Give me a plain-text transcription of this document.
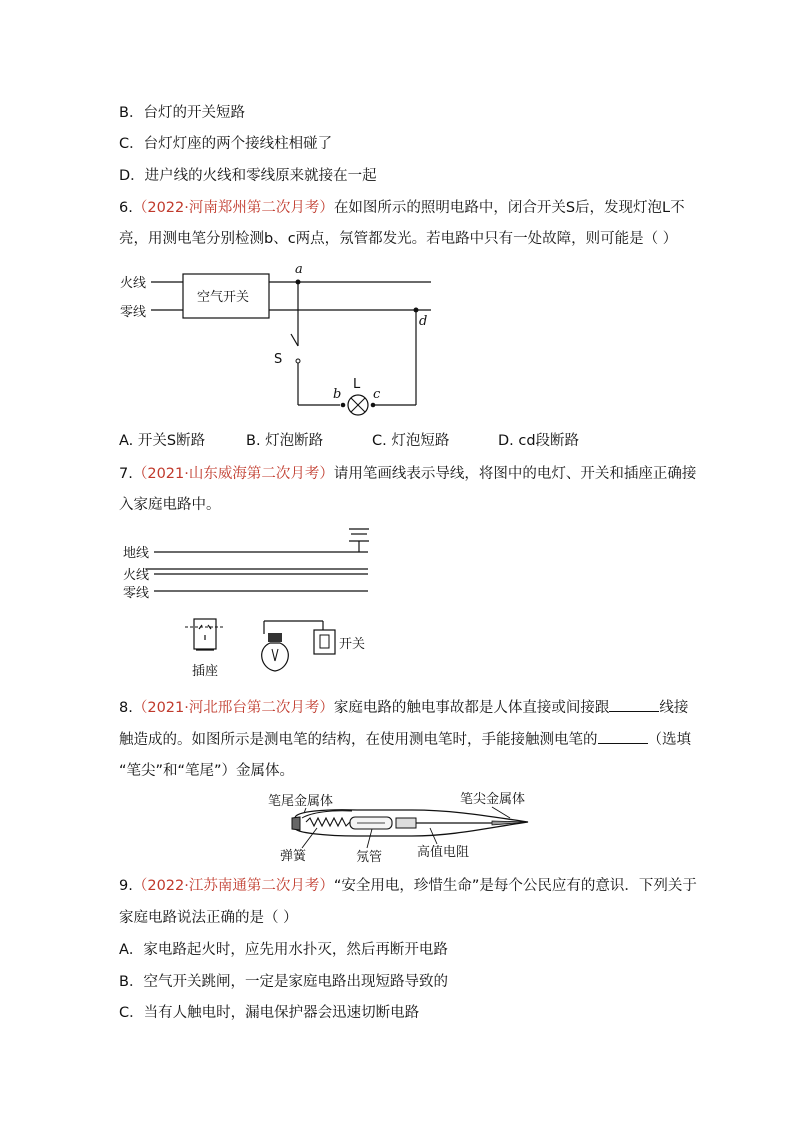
B．台灯的开关短路
C．台灯灯座的两个接线柱相碰了
D．进户线的火线和零线原来就接在一起
6.（2022·河南郑州第二次月考）在如图所示的照明电路中，闭合开关S后，发现灯泡L不
亮，用测电笔分别检测b、c两点，氖管都发光。若电路中只有一处故障，则可能是（ ）
火线
零线
空气开关
a
d
S
b
L
c
A. 开关S断路	B. 灯泡断路	C. 灯泡短路	D. cd段断路
7.（2021·山东威海第二次月考）请用笔画线表示导线，将图中的电灯、开关和插座正确接
入家庭电路中。
地线
火线
零线
插座
开关
8.（2021·河北邢台第二次月考）家庭电路的触电事故都是人体直接或间接跟	线接
触造成的。如图所示是测电笔的结构，在使用测电笔时，手能接触测电笔的	（选填
“笔尖”和“笔尾”）金属体。
笔尾金属体	笔尖金属体
弹簧	氖管	高值电阻
9.（2022·江苏南通第二次月考）“安全用电，珍惜生命”是每个公民应有的意识．下列关于
家庭电路说法正确的是（ ）
A．家电路起火时，应先用水扑灭，然后再断开电路
B．空气开关跳闸，一定是家庭电路出现短路导致的
C．当有人触电时，漏电保护器会迅速切断电路
